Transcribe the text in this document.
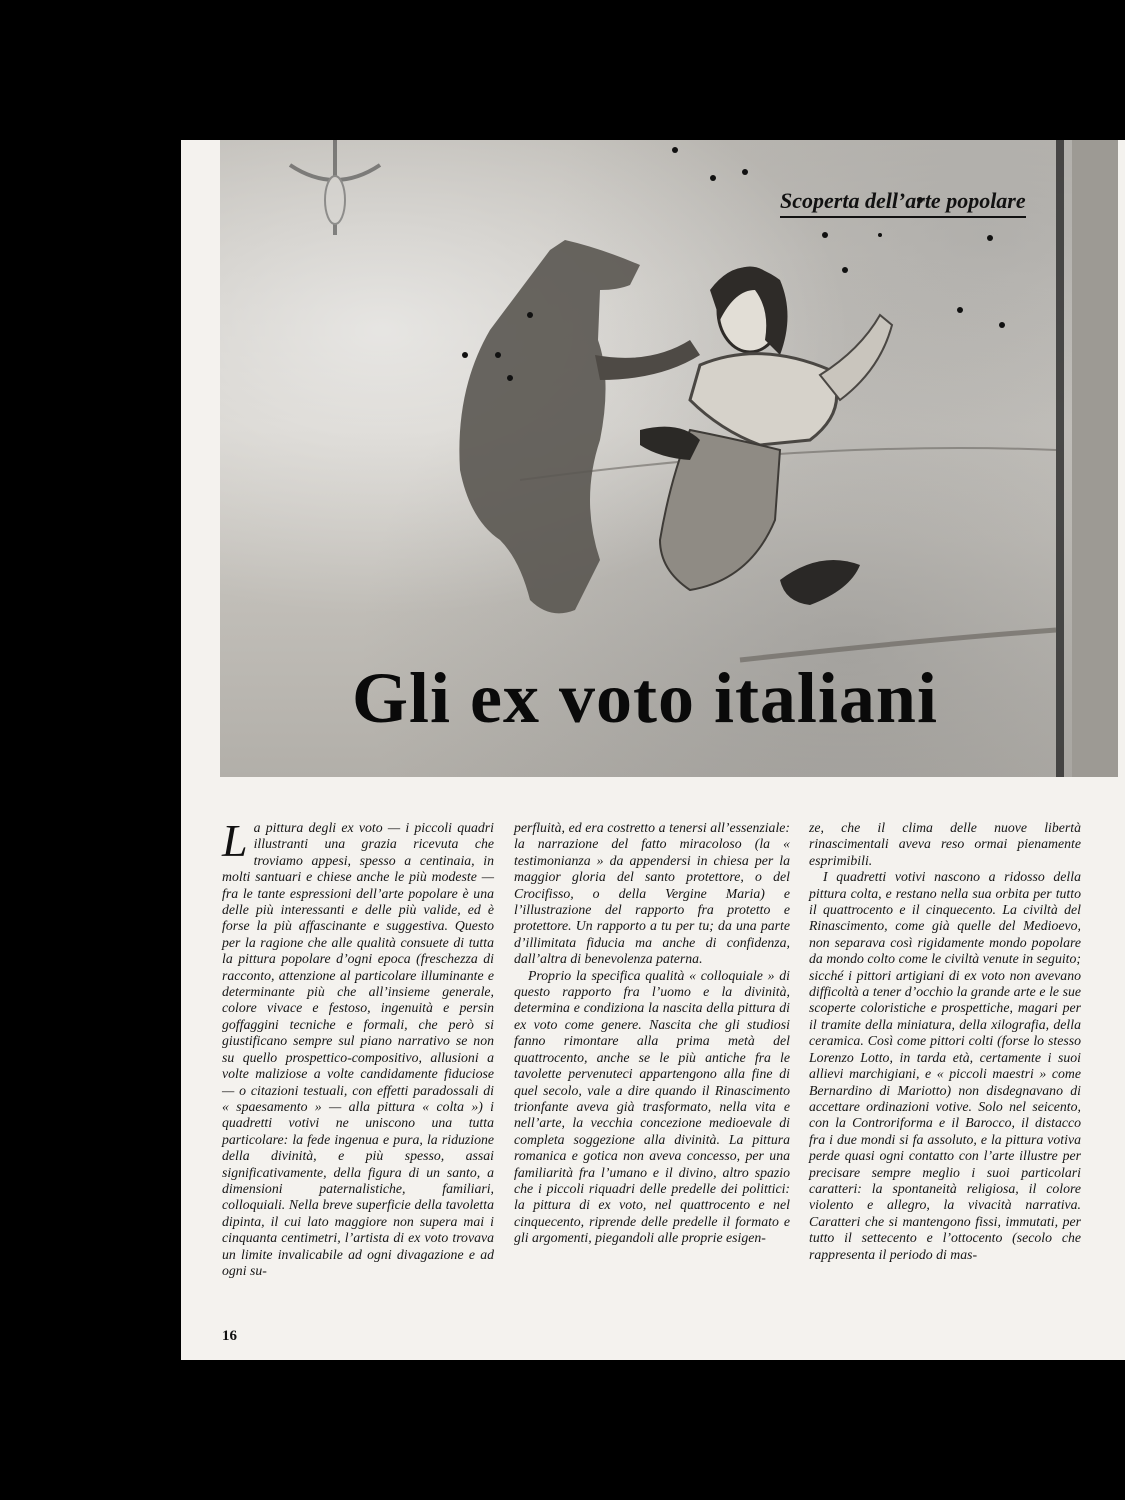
Scoperta dell’arte popolare
Gli ex voto italiani

La pittura degli ex voto — i piccoli quadri illustranti una grazia ricevuta che troviamo appesi, spesso a centinaia, in molti santuari e chiese anche le più modeste — fra le tante espressioni dell’arte popolare è una delle più interessanti e delle più valide, ed è forse la più affascinante e suggestiva. Questo per la ragione che alle qualità consuete di tutta la pittura popolare d’ogni epoca (freschezza di racconto, attenzione al particolare illuminante e determinante più che all’insieme generale, colore vivace e festoso, ingenuità e persin goffaggini tecniche e formali, che però si giustificano sempre sul piano narrativo se non su quello prospettico-compositivo, allusioni a volte maliziose a volte candidamente fiduciose — o citazioni testuali, con effetti paradossali di « spaesamento » — alla pittura « colta ») i quadretti votivi ne uniscono una tutta particolare: la fede ingenua e pura, la riduzione della divinità, e più spesso, assai significativamente, della figura di un santo, a dimensioni paternalistiche, familiari, colloquiali. Nella breve superficie della tavoletta dipinta, il cui lato maggiore non supera mai i cinquanta centimetri, l’artista di ex voto trovava un limite invalicabile ad ogni divagazione e ad ogni su-

perfluità, ed era costretto a tenersi all’essenziale: la narrazione del fatto miracoloso (la « testimonianza » da appendersi in chiesa per la maggior gloria del santo protettore, o del Crocifisso, o della Vergine Maria) e l’illustrazione del rapporto fra protetto e protettore. Un rapporto a tu per tu; da una parte d’illimitata fiducia ma anche di confidenza, dall’altra di benevolenza paterna.

Proprio la specifica qualità « colloquiale » di questo rapporto fra l’uomo e la divinità, determina e condiziona la nascita della pittura di ex voto come genere. Nascita che gli studiosi fanno rimontare alla prima metà del quattrocento, anche se le più antiche fra le tavolette pervenuteci appartengono alla fine di quel secolo, vale a dire quando il Rinascimento trionfante aveva già trasformato, nella vita e nell’arte, la vecchia concezione medioevale di completa soggezione alla divinità. La pittura romanica e gotica non aveva concesso, per una familiarità fra l’umano e il divino, altro spazio che i piccoli riquadri delle predelle dei polittici: la pittura di ex voto, nel quattrocento e nel cinquecento, riprende delle predelle il formato e gli argomenti, piegandoli alle proprie esigen-

ze, che il clima delle nuove libertà rinascimentali aveva reso ormai pienamente esprimibili.

I quadretti votivi nascono a ridosso della pittura colta, e restano nella sua orbita per tutto il quattrocento e il cinquecento. La civiltà del Rinascimento, come già quelle del Medioevo, non separava così rigidamente mondo popolare da mondo colto come le civiltà venute in seguito; sicché i pittori artigiani di ex voto non avevano difficoltà a tener d’occhio la grande arte e le sue scoperte coloristiche e prospettiche, magari per il tramite della miniatura, della xilografia, della ceramica. Così come pittori colti (forse lo stesso Lorenzo Lotto, in tarda età, certamente i suoi allievi marchigiani, e « piccoli maestri » come Bernardino di Mariotto) non disdegnavano di accettare ordinazioni votive. Solo nel seicento, con la Controriforma e il Barocco, il distacco fra i due mondi si fa assoluto, e la pittura votiva perde quasi ogni contatto con l’arte illustre per precisare sempre meglio i suoi particolari caratteri: la spontaneità religiosa, il colore violento e allegro, la vivacità narrativa. Caratteri che si mantengono fissi, immutati, per tutto il settecento e l’ottocento (secolo che rappresenta il periodo di mas-

16
